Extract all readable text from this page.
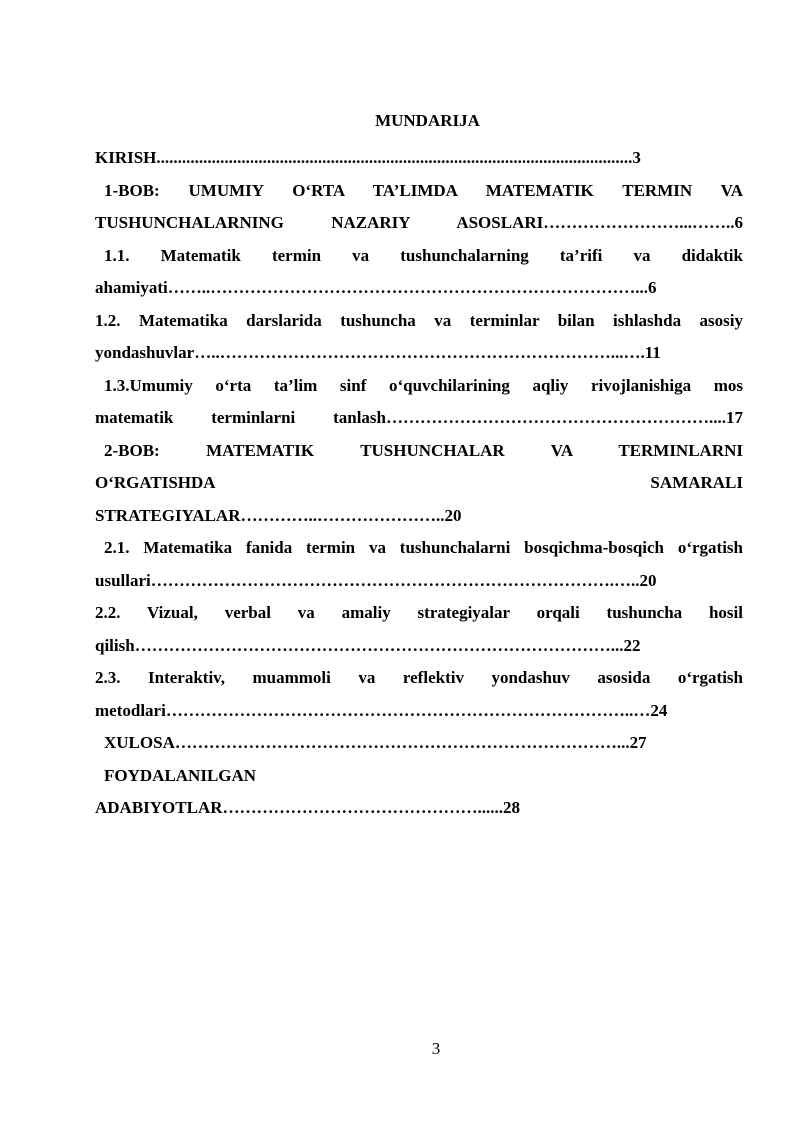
MUNDARIJA
KIRISH................................................................................................................3
1-BOB: UMUMIY O‘RTA TA’LIMDA MATEMATIK TERMIN VA
TUSHUNCHALARNING NAZARIY ASOSLARI……………………...……..6
1.1. Matematik termin va tushunchalarning ta’rifi va didaktik
ahamiyati……..…………………………………………………………………...6
1.2. Matematika darslarida tushuncha va terminlar bilan ishlashda asosiy
yondashuvlar…..……………………………………………………………...….11
1.3.Umumiy o‘rta ta’lim sinf o‘quvchilarining aqliy rivojlanishiga mos
matematik terminlarni tanlash…………………………………………………....17
2-BOB: MATEMATIK TUSHUNCHALAR VA TERMINLARNI
O‘RGATISHDA SAMARALI
STRATEGIYALAR…………..…………………..20
2.1. Matematika fanida termin va tushunchalarni bosqichma-bosqich o‘rgatish
usullari……………………………………………………………………….…..20
2.2. Vizual, verbal va amaliy strategiyalar orqali tushuncha hosil
qilish…………………………………………………………………………...22
2.3. Interaktiv, muammoli va reflektiv yondashuv asosida o‘rgatish
metodlari………………………………………………………………………..…24
XULOSA……………………………………………………………………...27
FOYDALANILGAN
ADABIYOTLAR………………………………………......28
3
